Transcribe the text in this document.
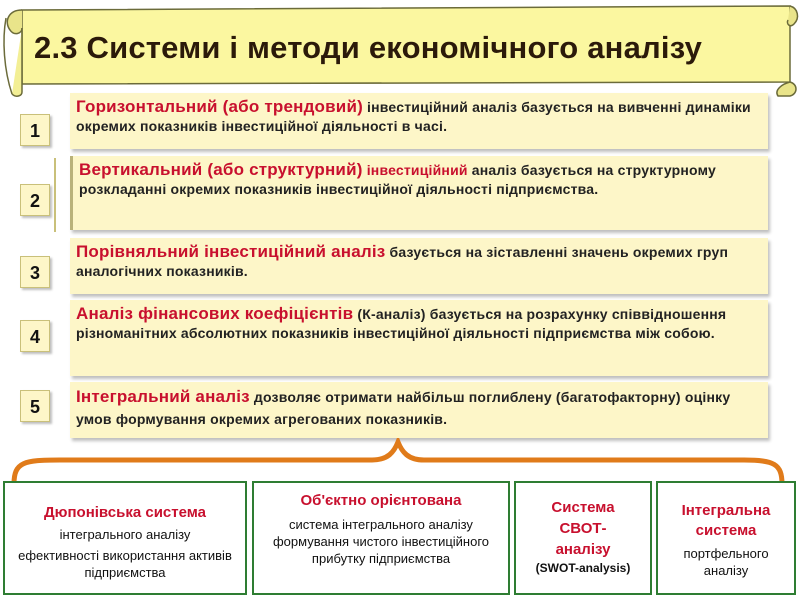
2.3 Системи і методи економічного аналізу
1
Горизонтальний (або трендовий) інвестиційний аналіз базується на вивченні динаміки окремих показників інвестиційної діяльності в часі.
2
Вертикальний (або структурний) інвестиційний аналіз базується на структурному розкладанні окремих показників інвестиційної діяльності підприємства.
3
Порівняльний інвестиційний аналіз базується на зіставленні значень окремих груп аналогічних показників.
4
Аналіз фінансових коефіцієнтів (К-аналіз) базується на розрахунку співвідношення різноманітних абсолютних показників інвестиційної діяльності підприємства між собою.
5
Інтегральний аналіз дозволяє отримати найбільш поглиблену (багатофакторну) оцінку умов формування окремих агрегованих показників.
Дюпонівська система
інтегрального аналізу
ефективності використання активів підприємства
Об'єктно орієнтована
система інтегрального аналізу формування чистого інвестиційного прибутку підприємства
Система СВОТ-аналізу
(SWOT-analysis)
Інтегральна система
портфельного аналізу
